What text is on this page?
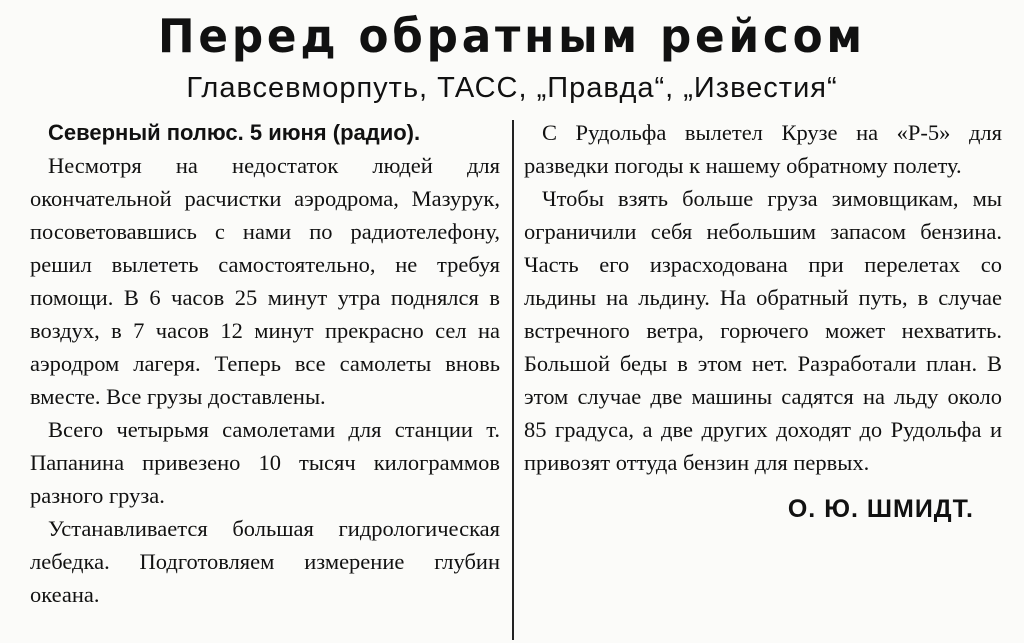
Перед обратным рейсом
Главсевморпуть, ТАСС, „Правда“, „Известия“
Северный полюс. 5 июня (радио).

Несмотря на недостаток людей для окончательной расчистки аэродрома, Мазурук, посоветовавшись с нами по радиотелефону, решил вылететь самостоятельно, не требуя помощи. В 6 часов 25 минут утра поднялся в воздух, в 7 часов 12 минут прекрасно сел на аэродром лагеря. Теперь все самолеты вновь вместе. Все грузы доставлены.

Всего четырьмя самолетами для станции т. Папанина привезено 10 тысяч килограммов разного груза.

Устанавливается большая гидрологическая лебедка. Подготовляем измерение глубин океана.

С Рудольфа вылетел Крузе на «Р-5» для разведки погоды к нашему обратному полету.

Чтобы взять больше груза зимовщикам, мы ограничили себя небольшим запасом бензина. Часть его израсходована при перелетах со льдины на льдину. На обратный путь, в случае встречного ветра, горючего может нехватить. Большой беды в этом нет. Разработали план. В этом случае две машины садятся на льду около 85 градуса, а две других доходят до Рудольфа и привозят оттуда бензин для первых.

О. Ю. ШМИДТ.
